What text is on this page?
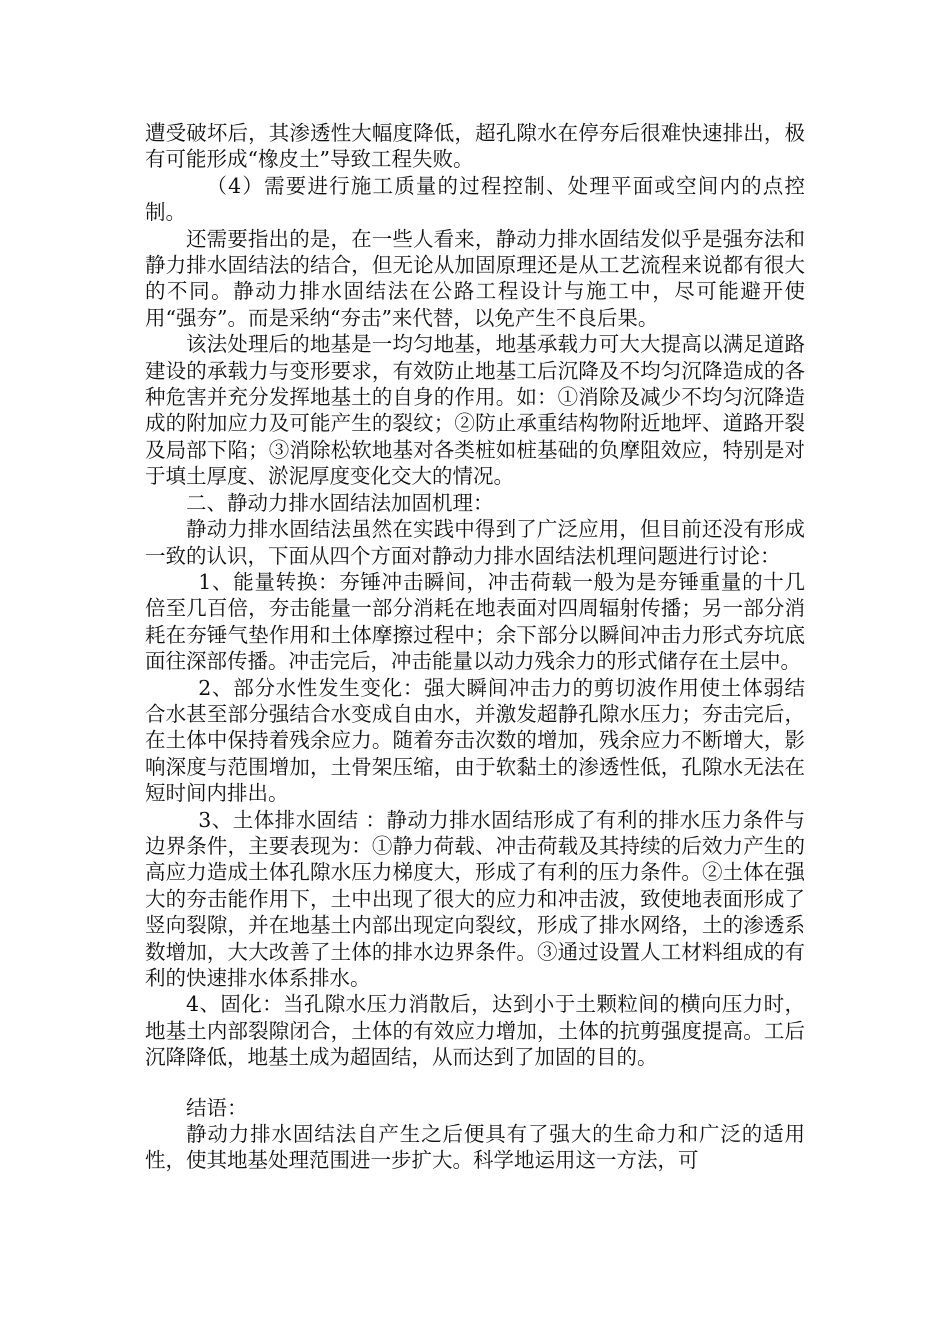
遭受破坏后，其渗透性大幅度降低，超孔隙水在停夯后很难快速排出，极有可能形成“橡皮土”导致工程失败。

（4）需要进行施工质量的过程控制、处理平面或空间内的点控制。

还需要指出的是，在一些人看来，静动力排水固结发似乎是强夯法和静力排水固结法的结合，但无论从加固原理还是从工艺流程来说都有很大的不同。静动力排水固结法在公路工程设计与施工中，尽可能避开使用“强夯”。而是采纳“夯击”来代替，以免产生不良后果。

该法处理后的地基是一均匀地基，地基承载力可大大提高以满足道路建设的承载力与变形要求，有效防止地基工后沉降及不均匀沉降造成的各种危害并充分发挥地基土的自身的作用。如：①消除及减少不均匀沉降造成的附加应力及可能产生的裂纹；②防止承重结构物附近地坪、道路开裂及局部下陷；③消除松软地基对各类桩如桩基础的负摩阻效应，特别是对于填土厚度、淤泥厚度变化交大的情况。

二、静动力排水固结法加固机理：

静动力排水固结法虽然在实践中得到了广泛应用，但目前还没有形成一致的认识，下面从四个方面对静动力排水固结法机理问题进行讨论：

1、能量转换：夯锤冲击瞬间，冲击荷载一般为是夯锤重量的十几倍至几百倍，夯击能量一部分消耗在地表面对四周辐射传播；另一部分消耗在夯锤气垫作用和土体摩擦过程中；余下部分以瞬间冲击力形式夯坑底面往深部传播。冲击完后，冲击能量以动力残余力的形式储存在土层中。

2、部分水性发生变化：强大瞬间冲击力的剪切波作用使土体弱结合水甚至部分强结合水变成自由水，并激发超静孔隙水压力；夯击完后，在土体中保持着残余应力。随着夯击次数的增加，残余应力不断增大，影响深度与范围增加，土骨架压缩，由于软黏土的渗透性低，孔隙水无法在短时间内排出。

3、土体排水固结 ：静动力排水固结形成了有利的排水压力条件与边界条件，主要表现为：①静力荷载、冲击荷载及其持续的后效力产生的高应力造成土体孔隙水压力梯度大，形成了有利的压力条件。②土体在强大的夯击能作用下，土中出现了很大的应力和冲击波，致使地表面形成了竖向裂隙，并在地基土内部出现定向裂纹，形成了排水网络，土的渗透系数增加，大大改善了土体的排水边界条件。③通过设置人工材料组成的有利的快速排水体系排水。

4、固化：当孔隙水压力消散后，达到小于土颗粒间的横向压力时，地基土内部裂隙闭合，土体的有效应力增加，土体的抗剪强度提高。工后沉降降低，地基土成为超固结，从而达到了加固的目的。

结语：

静动力排水固结法自产生之后便具有了强大的生命力和广泛的适用性，使其地基处理范围进一步扩大。科学地运用这一方法，可
